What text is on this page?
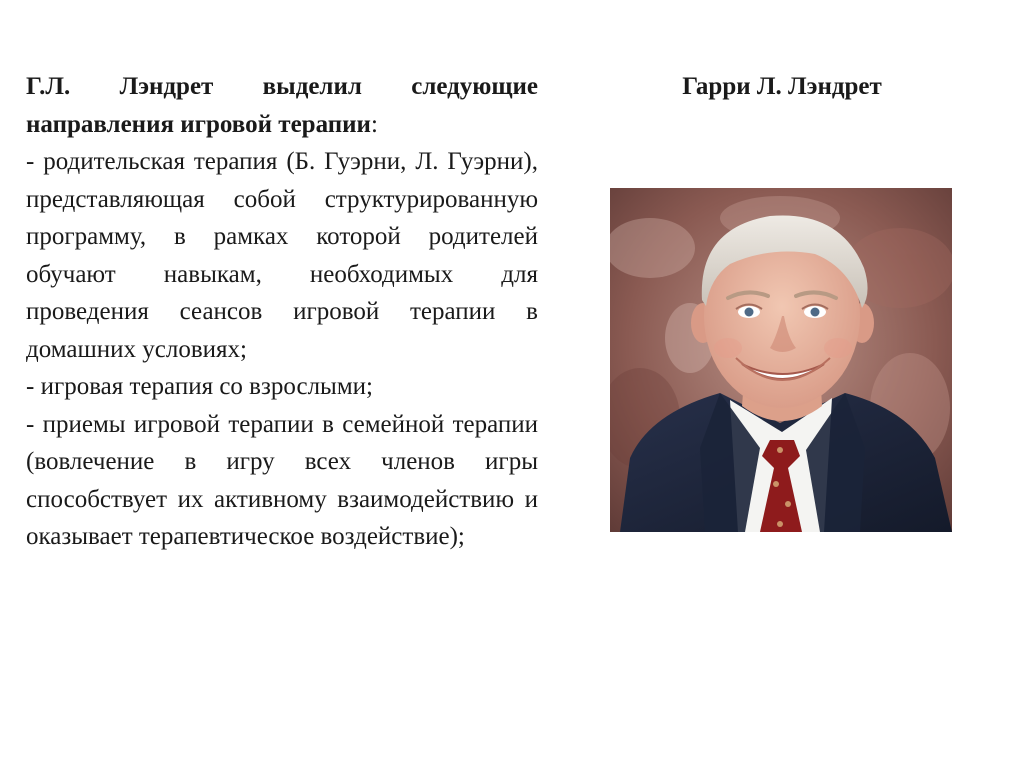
Г.Л. Лэндрет выделил следующие направления игровой терапии:

- родительская терапия (Б. Гуэрни, Л. Гуэрни), представляющая собой структурированную программу, в рамках которой родителей обучают навыкам, необходимых для проведения сеансов игровой терапии в домашних условиях;

- игровая терапия со взрослыми;

- приемы игровой терапии в семейной терапии (вовлечение в игру всех членов игры способствует их активному взаимодействию и оказывает терапевтическое воздействие);

Гарри Л. Лэндрет
